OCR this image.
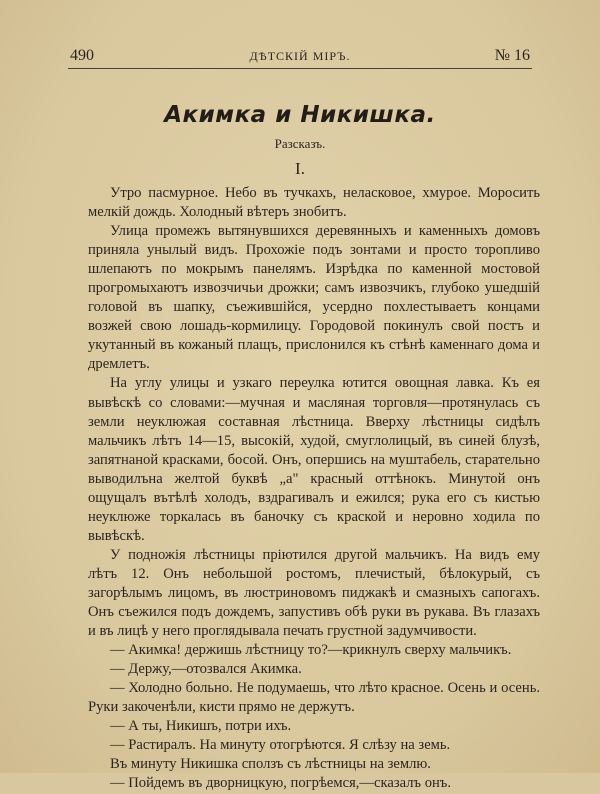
490	ДѢТСКІЙ МІРЪ.	№ 16
Акимка и Никишка.
Разсказъ.
I.

Утро пасмурное. Небо въ тучкахъ, неласковое, хмурое. Моросить мелкій дождь. Холодный вѣтеръ знобитъ.

Улица промежъ вытянувшихся деревянныхъ и каменныхъ домовъ приняла унылый видъ. Прохожіе подъ зонтами и просто торопливо шлепаютъ по мокрымъ панелямъ. Изрѣдка по каменной мостовой прогромыхаютъ извозчичьи дрожки; самъ извозчикъ, глубоко ушедшій головой въ шапку, съежившійся, усердно похлестываетъ концами возжей свою лошадь-кормилицу. Городовой покинулъ свой постъ и укутанный въ кожаный плащъ, прислонился къ стѣнѣ каменнаго дома и дремлетъ.

На углу улицы и узкаго переулка ютится овощная лавка. Къ ея вывѣскѣ со словами:—мучная и масляная торговля—протянулась съ земли неуклюжая составная лѣстница. Вверху лѣстницы сидѣлъ мальчикъ лѣтъ 14—15, высокій, худой, смуглолицый, въ синей блузѣ, запятнаной красками, босой. Онъ, опершись на муштабель, старательно выводилъна желтой буквѣ „а" красный оттѣнокъ. Минутой онъ ощущалъ вътѣлѣ холодъ, вздрагивалъ и ежился; рука его съ кистью неуклюже торкалась въ баночку съ краской и неровно ходила по вывѣскѣ.

У подножія лѣстницы пріютился другой мальчикъ. На видъ ему лѣтъ 12. Онъ небольшой ростомъ, плечистый, бѣлокурый, съ загорѣлымъ лицомъ, въ люстриновомъ пиджакѣ и смазныхъ сапогахъ. Онъ съежился подъ дождемъ, запустивъ обѣ руки въ рукава. Въ глазахъ и въ лицѣ у него проглядывала печать грустной задумчивости.

— Акимка! держишь лѣстницу то?—крикнулъ сверху мальчикъ.

— Держу,—отозвался Акимка.

— Холодно больно. Не подумаешь, что лѣто красное. Осень и осень. Руки закоченѣли, кисти прямо не держутъ.

— А ты, Никишъ, потри ихъ.

— Растиралъ. На минуту отогрѣются. Я слѣзу на земь.

Въ минуту Никишка сползъ съ лѣстницы на землю.

— Пойдемъ въ дворницкую, погрѣемся,—сказалъ онъ.
